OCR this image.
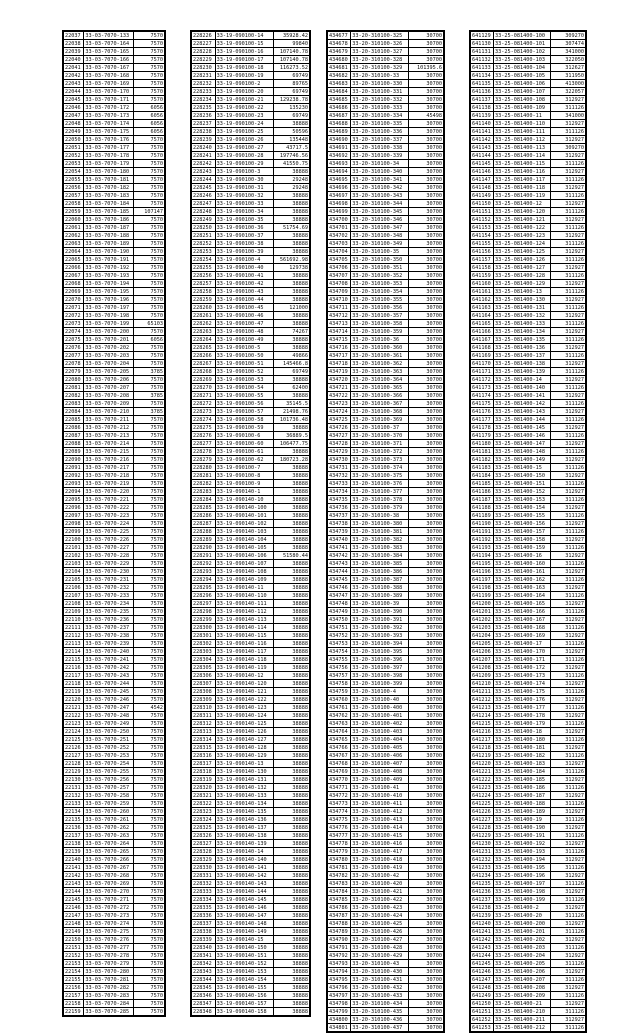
22037	33-03-7070-133	7570
22038	33-03-7070-164	7570
22039	33-03-7070-165	7570
22040	33-03-7070-166	7570
22041	33-03-7070-167	7570
22042	33-03-7070-168	7570
22043	33-03-7070-169	7570
22044	33-03-7070-170	7570
22045	33-03-7070-171	7570
22046	33-03-7070-172	6056
22047	33-03-7070-173	6056
22048	33-03-7070-174	6056
22049	33-03-7070-175	6056
22050	33-03-7070-176	7570
22051	33-03-7070-177	7570
22052	33-03-7070-178	7570
22053	33-03-7070-179	7570
22054	33-03-7070-180	7570
22055	33-03-7070-181	7570
22056	33-03-7070-182	7570
22057	33-03-7070-183	7570
22058	33-03-7070-184	7570
22059	33-03-7070-185	107147
22060	33-03-7070-186	7570
22061	33-03-7070-187	7570
22062	33-03-7070-188	7570
22063	33-03-7070-189	7570
22064	33-03-7070-190	7570
22065	33-03-7070-191	7570
22066	33-03-7070-192	7570
22067	33-03-7070-193	7570
22068	33-03-7070-194	7570
22069	33-03-7070-195	7570
22070	33-03-7070-196	7570
22071	33-03-7070-197	7570
22072	33-03-7070-198	7570
22073	33-03-7070-199	65103
22074	33-03-7070-200	7570
22075	33-03-7070-201	6056
22076	33-03-7070-202	7570
22077	33-03-7070-203	7570
22078	33-03-7070-204	7570
22079	33-03-7070-205	3785
22080	33-03-7070-206	7570
22081	33-03-7070-207	7570
22082	33-03-7070-208	3785
22083	33-03-7070-209	7570
22084	33-03-7070-210	3785
22085	33-03-7070-211	7570
22086	33-03-7070-212	7570
22087	33-03-7070-213	7570
22088	33-03-7070-214	7570
22089	33-03-7070-215	7570
22090	33-03-7070-216	7570
22091	33-03-7070-217	7570
22092	33-03-7070-218	7570
22093	33-03-7070-219	7570
22094	33-03-7070-220	7570
22095	33-03-7070-221	7570
22096	33-03-7070-222	7570
22097	33-03-7070-223	7570
22098	33-03-7070-224	7570
22099	33-03-7070-225	7570
22100	33-03-7070-226	7570
22101	33-03-7070-227	7570
22102	33-03-7070-228	7570
22103	33-03-7070-229	7570
22104	33-03-7070-230	7570
22105	33-03-7070-231	7570
22106	33-03-7070-232	7570
22107	33-03-7070-233	7570
22108	33-03-7070-234	7570
22109	33-03-7070-235	7570
22110	33-03-7070-236	7570
22111	33-03-7070-237	7570
22112	33-03-7070-238	7570
22113	33-03-7070-239	7570
22114	33-03-7070-240	7570
22115	33-03-7070-241	7570
22116	33-03-7070-242	7570
22117	33-03-7070-243	7570
22118	33-03-7070-244	7570
22119	33-03-7070-245	7570
22120	33-03-7070-246	7570
22121	33-03-7070-247	4542
22122	33-03-7070-248	7570
22123	33-03-7070-249	7570
22124	33-03-7070-250	7570
22125	33-03-7070-251	7570
22126	33-03-7070-252	7570
22127	33-03-7070-253	7570
22128	33-03-7070-254	7570
22129	33-03-7070-255	7570
22130	33-03-7070-256	7570
22131	33-03-7070-257	7570
22132	33-03-7070-258	7570
22133	33-03-7070-259	7570
22134	33-03-7070-260	7570
22135	33-03-7070-261	7570
22136	33-03-7070-262	7570
22137	33-03-7070-263	7570
22138	33-03-7070-264	7570
22139	33-03-7070-265	7570
22140	33-03-7070-266	7570
22141	33-03-7070-267	7570
22142	33-03-7070-268	7570
22143	33-03-7070-269	7570
22144	33-03-7070-270	7570
22145	33-03-7070-271	7570
22146	33-03-7070-272	7570
22147	33-03-7070-273	7570
22148	33-03-7070-274	7570
22149	33-03-7070-275	7570
22150	33-03-7070-276	7570
22151	33-03-7070-277	7570
22152	33-03-7070-278	7570
22153	33-03-7070-279	7570
22154	33-03-7070-280	7570
22155	33-03-7070-281	7570
22156	33-03-7070-282	7570
22157	33-03-7070-283	7570
22158	33-03-7070-284	7570
22159	33-03-7070-285	7570
228226	33-19-090100-14	35928.42
228227	33-19-090100-15	99840
228228	33-19-090100-16	107140.78
228229	33-19-090100-17	107140.78
228230	33-19-090100-18	116273.52
228231	33-19-090100-19	69749
228232	33-19-090100-2	89765
228233	33-19-090100-20	69749
228234	33-19-090100-21	129238.78
228235	33-19-090100-22	135230
228236	33-19-090100-23	69749
228237	33-19-090100-24	38888
228238	33-19-090100-25	50596
228239	33-19-090100-26	135448
228240	33-19-090100-27	43717.5
228241	33-19-090100-28	197746.56
228242	33-19-090100-29	41550.75
228243	33-19-090100-3	38888
228244	33-19-090100-30	29248
228245	33-19-090100-31	29248
228246	33-19-090100-32	38888
228247	33-19-090100-33	38888
228248	33-19-090100-34	38888
228249	33-19-090100-35	38888
228250	33-19-090100-36	51754.69
228251	33-19-090100-37	38888
228252	33-19-090100-38	38888
228253	33-19-090100-39	38888
228254	33-19-090100-4	561692.98
228255	33-19-090100-40	129738
228256	33-19-090100-41	38888
228257	33-19-090100-42	38888
228258	33-19-090100-43	38888
228259	33-19-090100-44	38888
228260	33-19-090100-45	121000
228261	33-19-090100-46	38888
228262	33-19-090100-47	38888
228263	33-19-090100-48	74267
228264	33-19-090100-49	38888
228265	33-19-090100-5	38888
228266	33-19-090100-50	49866
228267	33-19-090100-51	145466.8
228268	33-19-090100-52	69749
228269	33-19-090100-53	38888
228270	33-19-090100-54	62400
228271	33-19-090100-55	38888
228272	33-19-090100-56	35145.5
228273	33-19-090100-57	21498.76
228274	33-19-090100-58	101736.48
228275	33-19-090100-59	38888
228276	33-19-090100-6	36889.5
228277	33-19-090100-60	106477.75
228278	33-19-090100-61	38888
228279	33-19-090100-62	180723.28
228280	33-19-090100-7	38888
228281	33-19-090100-8	38888
228282	33-19-090100-9	38888
228283	33-19-090140-1	38888
228284	33-19-090140-10	38888
228285	33-19-090140-100	38888
228286	33-19-090140-101	38888
228287	33-19-090140-102	38888
228288	33-19-090140-103	38888
228289	33-19-090140-104	38888
228290	33-19-090140-105	38888
228291	33-19-090140-106	51580.44
228292	33-19-090140-107	38888
228293	33-19-090140-108	38888
228294	33-19-090140-109	38888
228295	33-19-090140-11	38888
228296	33-19-090140-110	38888
228297	33-19-090140-111	38888
228298	33-19-090140-112	38888
228299	33-19-090140-113	38888
228300	33-19-090140-114	38888
228301	33-19-090140-115	38888
228302	33-19-090140-116	38888
228303	33-19-090140-117	38888
228304	33-19-090140-118	38888
228305	33-19-090140-119	38888
228306	33-19-090140-12	38888
228307	33-19-090140-120	38888
228308	33-19-090140-121	38888
228309	33-19-090140-122	38888
228310	33-19-090140-123	38888
228311	33-19-090140-124	38888
228312	33-19-090140-125	38888
228313	33-19-090140-126	38888
228314	33-19-090140-127	38888
228315	33-19-090140-128	38888
228316	33-19-090140-129	38888
228317	33-19-090140-13	38888
228318	33-19-090140-130	38888
228319	33-19-090140-131	38888
228320	33-19-090140-132	38888
228321	33-19-090140-133	38888
228322	33-19-090140-134	38888
228323	33-19-090140-135	38888
228324	33-19-090140-136	38888
228325	33-19-090140-137	38888
228326	33-19-090140-138	38888
228327	33-19-090140-139	38888
228328	33-19-090140-14	38888
228329	33-19-090140-140	38888
228330	33-19-090140-141	38888
228331	33-19-090140-142	38888
228332	33-19-090140-143	38888
228333	33-19-090140-144	38888
228334	33-19-090140-145	38888
228335	33-19-090140-146	38888
228336	33-19-090140-147	38888
228337	33-19-090140-148	38888
228338	33-19-090140-149	38888
228339	33-19-090140-15	38888
228340	33-19-090140-150	38888
228341	33-19-090140-151	38888
228342	33-19-090140-152	38888
228343	33-19-090140-153	38888
228344	33-19-090140-154	38888
228345	33-19-090140-155	38888
228346	33-19-090140-156	38888
228347	33-19-090140-157	38888
228348	33-19-090140-158	38888
434677	33-20-310100-325	30700
434678	33-20-310100-326	30700
434679	33-20-310100-327	30700
434680	33-20-310100-328	30700
434681	33-20-310100-329	101395.6
434682	33-20-310100-33	30700
434683	33-20-310100-330	30700
434684	33-20-310100-331	30700
434685	33-20-310100-332	30700
434686	33-20-310100-333	30700
434687	33-20-310100-334	45498
434688	33-20-310100-335	30700
434689	33-20-310100-336	30700
434690	33-20-310100-337	30700
434691	33-20-310100-338	30700
434692	33-20-310100-339	30700
434693	33-20-310100-34	30700
434694	33-20-310100-340	30700
434695	33-20-310100-341	30700
434696	33-20-310100-342	30700
434697	33-20-310100-343	30700
434698	33-20-310100-344	30700
434699	33-20-310100-345	30700
434700	33-20-310100-346	30700
434701	33-20-310100-347	30700
434702	33-20-310100-348	30700
434703	33-20-310100-349	30700
434704	33-20-310100-35	30700
434705	33-20-310100-350	30700
434706	33-20-310100-351	30700
434707	33-20-310100-352	30700
434708	33-20-310100-353	30700
434709	33-20-310100-354	30700
434710	33-20-310100-355	30700
434711	33-20-310100-356	30700
434712	33-20-310100-357	30700
434713	33-20-310100-358	30700
434714	33-20-310100-359	30700
434715	33-20-310100-36	30700
434716	33-20-310100-360	30700
434717	33-20-310100-361	30700
434718	33-20-310100-362	30700
434719	33-20-310100-363	30700
434720	33-20-310100-364	30700
434721	33-20-310100-365	30700
434722	33-20-310100-366	30700
434723	33-20-310100-367	30700
434724	33-20-310100-368	30700
434725	33-20-310100-369	30700
434726	33-20-310100-37	30700
434727	33-20-310100-370	30700
434728	33-20-310100-371	30700
434729	33-20-310100-372	30700
434730	33-20-310100-373	30700
434731	33-20-310100-374	30700
434732	33-20-310100-375	30700
434733	33-20-310100-376	30700
434734	33-20-310100-377	30700
434735	33-20-310100-378	30700
434736	33-20-310100-379	30700
434737	33-20-310100-38	30700
434738	33-20-310100-380	30700
434739	33-20-310100-381	30700
434740	33-20-310100-382	30700
434741	33-20-310100-383	30700
434742	33-20-310100-384	30700
434743	33-20-310100-385	30700
434744	33-20-310100-386	30700
434745	33-20-310100-387	30700
434746	33-20-310100-388	30700
434747	33-20-310100-389	30700
434748	33-20-310100-39	30700
434749	33-20-310100-390	30700
434750	33-20-310100-391	30700
434751	33-20-310100-392	30700
434752	33-20-310100-393	30700
434753	33-20-310100-394	30700
434754	33-20-310100-395	30700
434755	33-20-310100-396	30700
434756	33-20-310100-397	30700
434757	33-20-310100-398	30700
434758	33-20-310100-399	30700
434759	33-20-310100-4	30700
434760	33-20-310100-40	30700
434761	33-20-310100-400	30700
434762	33-20-310100-401	30700
434763	33-20-310100-402	30700
434764	33-20-310100-403	30700
434765	33-20-310100-404	30700
434766	33-20-310100-405	30700
434767	33-20-310100-406	30700
434768	33-20-310100-407	30700
434769	33-20-310100-408	30700
434770	33-20-310100-409	30700
434771	33-20-310100-41	30700
434772	33-20-310100-410	30700
434773	33-20-310100-411	30700
434774	33-20-310100-412	30700
434775	33-20-310100-413	30700
434776	33-20-310100-414	30700
434777	33-20-310100-415	30700
434778	33-20-310100-416	30700
434779	33-20-310100-417	30700
434780	33-20-310100-418	30700
434781	33-20-310100-419	30700
434782	33-20-310100-42	30700
434783	33-20-310100-420	30700
434784	33-20-310100-421	30700
434785	33-20-310100-422	30700
434786	33-20-310100-423	30700
434787	33-20-310100-424	30700
434788	33-20-310100-425	30700
434789	33-20-310100-426	30700
434790	33-20-310100-427	30700
434791	33-20-310100-428	30700
434792	33-20-310100-429	30700
434793	33-20-310100-43	30700
434794	33-20-310100-430	30700
434795	33-20-310100-431	30700
434796	33-20-310100-432	30700
434797	33-20-310100-433	30700
434798	33-20-310100-434	30700
434799	33-20-310100-435	30700
434800	33-20-310100-436	30700
434801	33-20-310100-437	30700
641129	33-25-081400-100	309270
641130	33-25-081400-101	307474
641131	33-25-081400-102	341000
641132	33-25-081400-103	322050
641133	33-25-081400-104	312627
641134	33-25-081400-105	311950
641135	33-25-081400-106	413000
641136	33-25-081400-107	322057
641137	33-25-081400-108	312927
641138	33-25-081400-109	311126
641139	33-25-081400-11	341000
641140	33-25-081400-110	312927
641141	33-25-081400-111	311126
641142	33-25-081400-112	312927
641143	33-25-081400-113	309270
641144	33-25-081400-114	312927
641145	33-25-081400-115	311126
641146	33-25-081400-116	312927
641147	33-25-081400-117	311126
641148	33-25-081400-118	312927
641149	33-25-081400-119	311126
641150	33-25-081400-12	312927
641151	33-25-081400-120	311126
641152	33-25-081400-121	312927
641153	33-25-081400-122	311126
641154	33-25-081400-123	312927
641155	33-25-081400-124	311126
641156	33-25-081400-125	312927
641157	33-25-081400-126	311126
641158	33-25-081400-127	312927
641159	33-25-081400-128	311126
641160	33-25-081400-129	312927
641161	33-25-081400-13	311126
641162	33-25-081400-130	312927
641163	33-25-081400-131	311126
641164	33-25-081400-132	312927
641165	33-25-081400-133	311126
641166	33-25-081400-134	312927
641167	33-25-081400-135	311126
641168	33-25-081400-136	312927
641169	33-25-081400-137	311126
641170	33-25-081400-138	312927
641171	33-25-081400-139	311126
641172	33-25-081400-14	312927
641173	33-25-081400-140	311126
641174	33-25-081400-141	312927
641175	33-25-081400-142	311126
641176	33-25-081400-143	312927
641177	33-25-081400-144	311126
641178	33-25-081400-145	312927
641179	33-25-081400-146	311126
641180	33-25-081400-147	312927
641181	33-25-081400-148	311126
641182	33-25-081400-149	312927
641183	33-25-081400-15	311126
641184	33-25-081400-150	312927
641185	33-25-081400-151	311126
641186	33-25-081400-152	312927
641187	33-25-081400-153	311126
641188	33-25-081400-154	312927
641189	33-25-081400-155	311126
641190	33-25-081400-156	312927
641191	33-25-081400-157	311126
641192	33-25-081400-158	312927
641193	33-25-081400-159	311126
641194	33-25-081400-16	312927
641195	33-25-081400-160	311126
641196	33-25-081400-161	312927
641197	33-25-081400-162	311126
641198	33-25-081400-163	312927
641199	33-25-081400-164	311126
641200	33-25-081400-165	312927
641201	33-25-081400-166	311126
641202	33-25-081400-167	312927
641203	33-25-081400-168	311126
641204	33-25-081400-169	312927
641205	33-25-081400-17	311126
641206	33-25-081400-170	312927
641207	33-25-081400-171	311126
641208	33-25-081400-172	312927
641209	33-25-081400-173	311126
641210	33-25-081400-174	312927
641211	33-25-081400-175	311126
641212	33-25-081400-176	312927
641213	33-25-081400-177	311126
641214	33-25-081400-178	312927
641215	33-25-081400-179	311126
641216	33-25-081400-18	312927
641217	33-25-081400-180	311126
641218	33-25-081400-181	312927
641219	33-25-081400-182	311126
641220	33-25-081400-183	312927
641221	33-25-081400-184	311126
641222	33-25-081400-185	312927
641223	33-25-081400-186	311126
641224	33-25-081400-187	312927
641225	33-25-081400-188	311126
641226	33-25-081400-189	312927
641227	33-25-081400-19	311126
641228	33-25-081400-190	312927
641229	33-25-081400-191	311126
641230	33-25-081400-192	312927
641231	33-25-081400-193	311126
641232	33-25-081400-194	312927
641233	33-25-081400-195	311126
641234	33-25-081400-196	312927
641235	33-25-081400-197	311126
641236	33-25-081400-198	312927
641237	33-25-081400-199	311126
641238	33-25-081400-2	312927
641239	33-25-081400-20	311126
641240	33-25-081400-200	312927
641241	33-25-081400-201	311126
641242	33-25-081400-202	312927
641243	33-25-081400-203	311126
641244	33-25-081400-204	312927
641245	33-25-081400-205	311126
641246	33-25-081400-206	312927
641247	33-25-081400-207	311126
641248	33-25-081400-208	312927
641249	33-25-081400-209	311126
641250	33-25-081400-21	312927
641251	33-25-081400-210	311126
641252	33-25-081400-211	312927
641253	33-25-081400-212	311126
